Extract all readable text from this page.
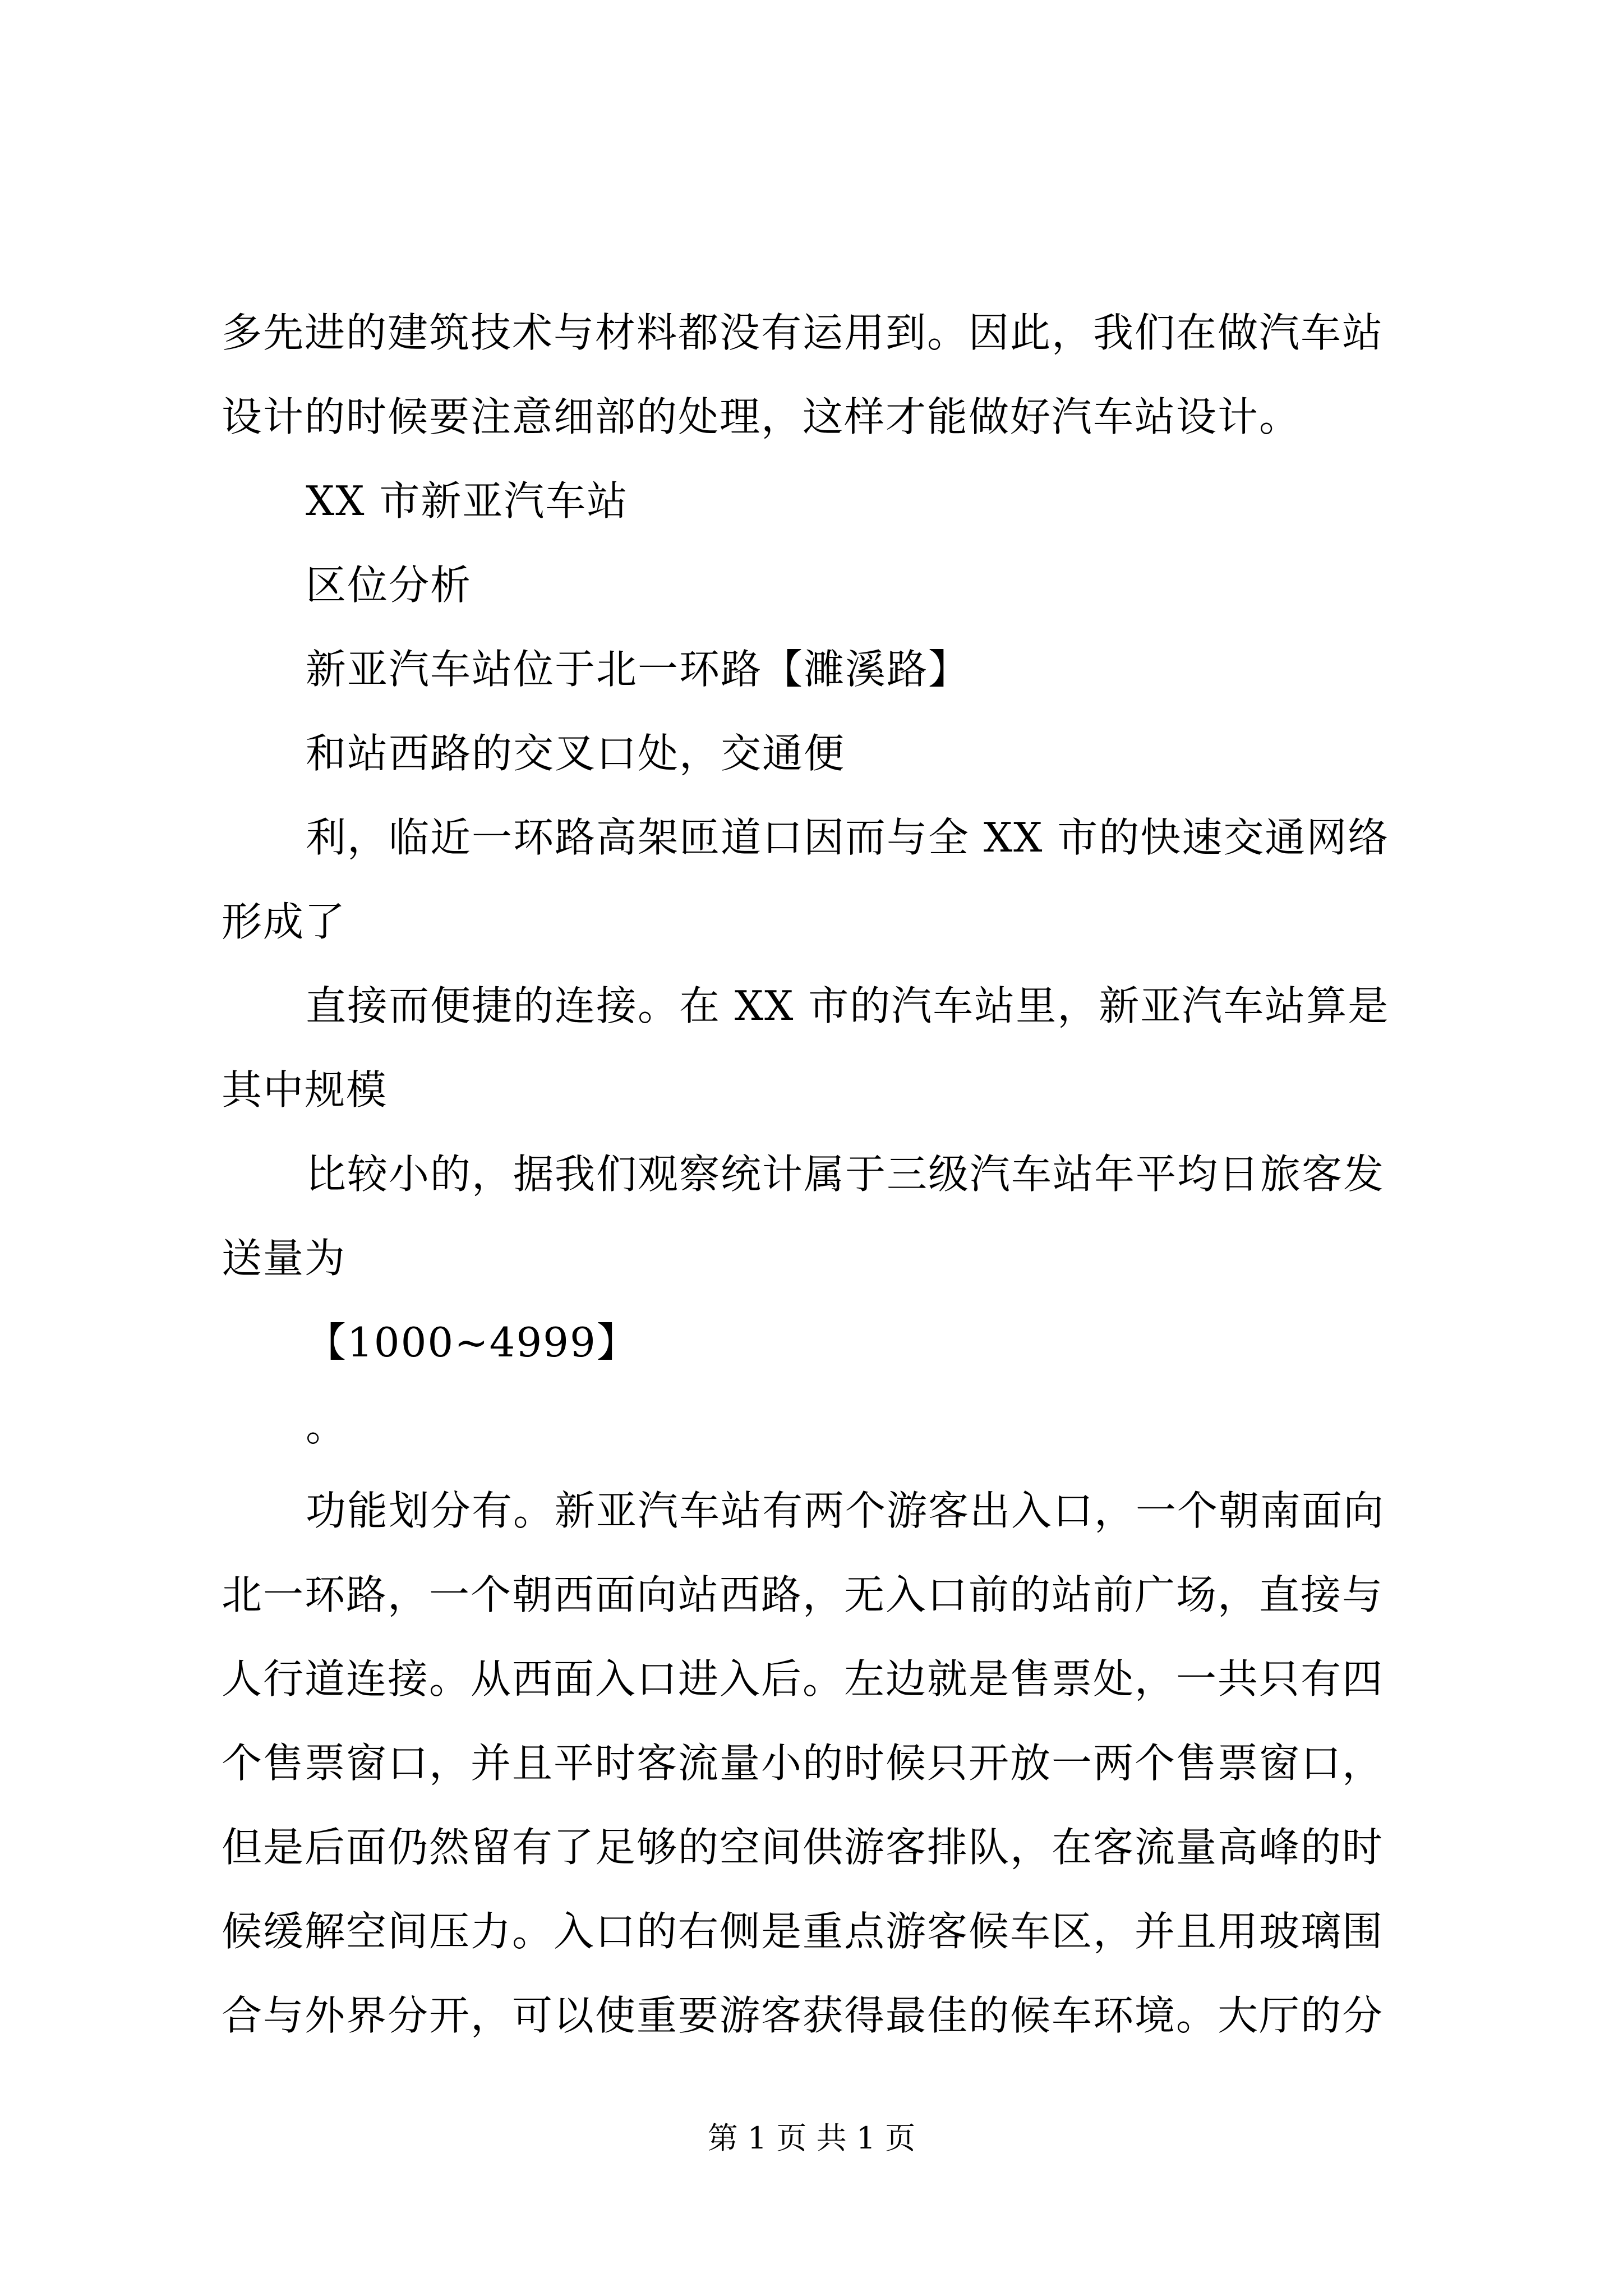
多先进的建筑技术与材料都没有运用到。因此，我们在做汽车站
设计的时候要注意细部的处理，这样才能做好汽车站设计。
XX 市新亚汽车站
区位分析
新亚汽车站位于北一环路【濉溪路】
和站西路的交叉口处，交通便
利，临近一环路高架匝道口因而与全 XX 市的快速交通网络
形成了
直接而便捷的连接。在 XX 市的汽车站里，新亚汽车站算是
其中规模
比较小的，据我们观察统计属于三级汽车站年平均日旅客发
送量为
【1000~4999】
。
功能划分有。新亚汽车站有两个游客出入口，一个朝南面向
北一环路，一个朝西面向站西路，无入口前的站前广场，直接与
人行道连接。从西面入口进入后。左边就是售票处，一共只有四
个售票窗口，并且平时客流量小的时候只开放一两个售票窗口，
但是后面仍然留有了足够的空间供游客排队，在客流量高峰的时
候缓解空间压力。入口的右侧是重点游客候车区，并且用玻璃围
合与外界分开，可以使重要游客获得最佳的候车环境。大厅的分
第 1 页 共 1 页
